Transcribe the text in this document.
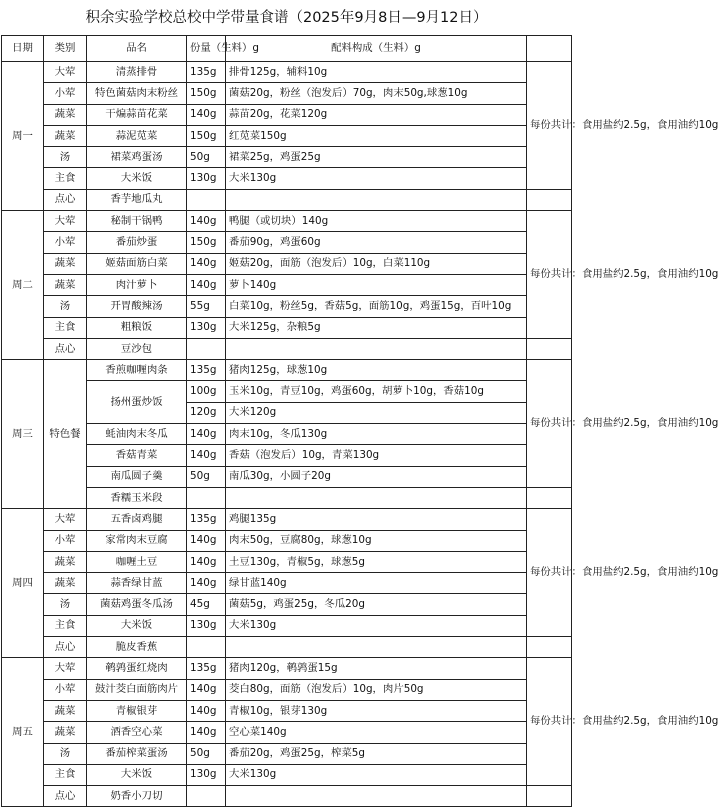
积余实验学校总校中学带量食谱（2025年9月8日—9月12日）
日期	类别	品名	份量（生料）g	配料构成（生料）g	
周一	大荤	清蒸排骨	135g	排骨125g，辅料10g	每份共计：食用盐约2.5g，食用油约10g
	小荤	特色菌菇肉末粉丝	150g	菌菇20g，粉丝（泡发后）70g，肉末50g,球葱10g	
	蔬菜	干煸蒜苗花菜	140g	蒜苗20g，花菜120g	
	蔬菜	蒜泥苋菜	150g	红苋菜150g	
	汤	裙菜鸡蛋汤	50g	裙菜25g，鸡蛋25g	
	主食	大米饭	130g	大米130g	
	点心	香芋地瓜丸			
周二	大荤	秘制干锅鸭	140g	鸭腿（或切块）140g	每份共计：食用盐约2.5g，食用油约10g
	小荤	番茄炒蛋	150g	番茄90g，鸡蛋60g	
	蔬菜	姬菇面筋白菜	140g	姬菇20g，面筋（泡发后）10g，白菜110g	
	蔬菜	肉汁萝卜	140g	萝卜140g	
	汤	开胃酸辣汤	55g	白菜10g，粉丝5g，香菇5g，面筋10g，鸡蛋15g，百叶10g	
	主食	粗粮饭	130g	大米125g，杂粮5g	
	点心	豆沙包			
周三	特色餐	香煎咖喱肉条	135g	猪肉125g，球葱10g	每份共计：食用盐约2.5g，食用油约10g
		扬州蛋炒饭	100g	玉米10g，青豆10g，鸡蛋60g，胡萝卜10g，香菇10g	
			120g	大米120g	
		蚝油肉末冬瓜	140g	肉末10g，冬瓜130g	
		香菇青菜	140g	香菇（泡发后）10g，青菜130g	
		南瓜圆子羹	50g	南瓜30g，小圆子20g	
		香糯玉米段			
周四	大荤	五香卤鸡腿	135g	鸡腿135g	每份共计：食用盐约2.5g，食用油约10g
	小荤	家常肉末豆腐	140g	肉末50g，豆腐80g，球葱10g	
	蔬菜	咖喱土豆	140g	土豆130g，青椒5g，球葱5g	
	蔬菜	蒜香绿甘蓝	140g	绿甘蓝140g	
	汤	菌菇鸡蛋冬瓜汤	45g	菌菇5g，鸡蛋25g，冬瓜20g	
	主食	大米饭	130g	大米130g	
	点心	脆皮香蕉			
周五	大荤	鹌鹑蛋红烧肉	135g	猪肉120g，鹌鹑蛋15g	每份共计：食用盐约2.5g，食用油约10g
	小荤	鼓汁茭白面筋肉片	140g	茭白80g，面筋（泡发后）10g，肉片50g	
	蔬菜	青椒银芽	140g	青椒10g，银芽130g	
	蔬菜	酒香空心菜	140g	空心菜140g	
	汤	番茄榨菜蛋汤	50g	番茄20g，鸡蛋25g，榨菜5g	
	主食	大米饭	130g	大米130g	
	点心	奶香小刀切			
